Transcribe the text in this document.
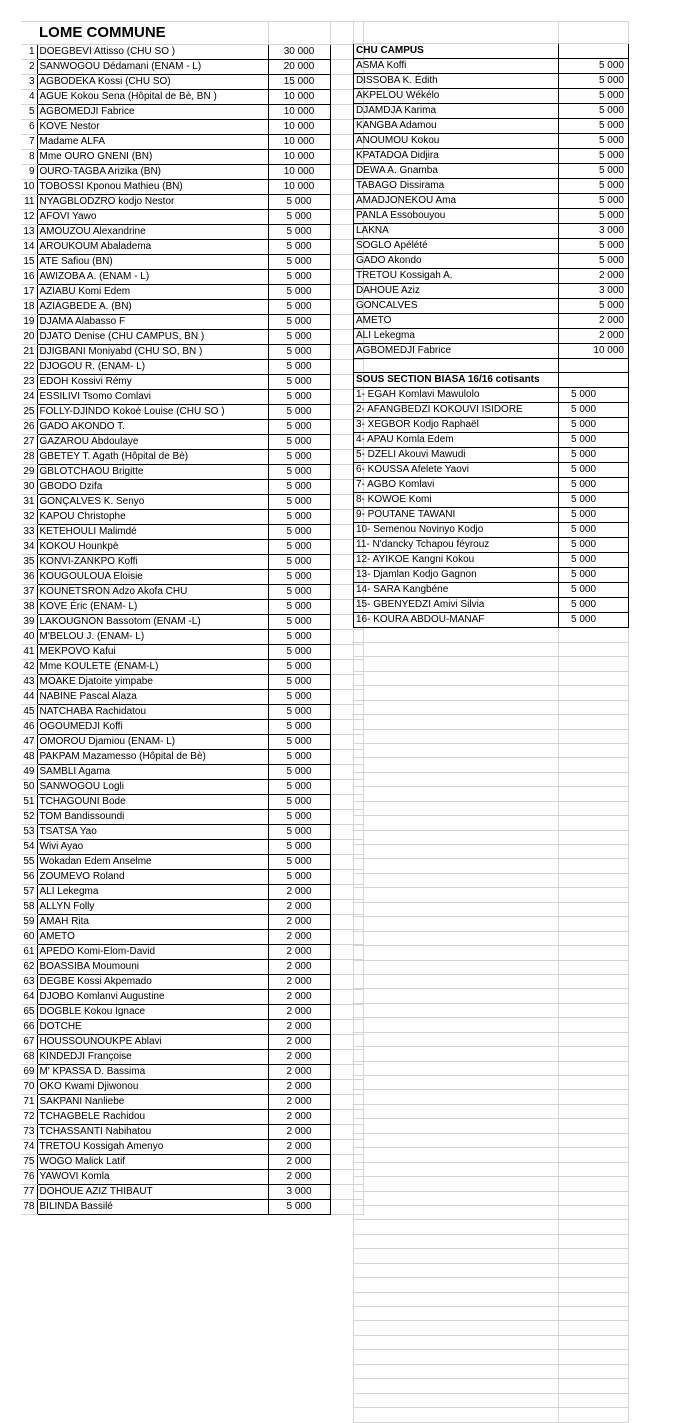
	LOME COMMUNE		
1	DOEGBEVI Attisso (CHU SO )	30 000	
2	SANWOGOU Dédamani (ENAM - L)	20 000	
3	AGBODEKA Kossi (CHU SO)	15 000	
4	AGUE Kokou Sena (Hôpital de Bè, BN )	10 000	
5	AGBOMEDJI Fabrice	10 000	
6	KOVE Nestor	10 000	
7	Madame ALFA	10 000	
8	Mme OURO GNENI (BN)	10 000	
9	OURO-TAGBA Arizika (BN)	10 000	
10	TOBOSSI Kponou Mathieu (BN)	10 000	
11	NYAGBLODZRO kodjo Nestor	5 000	
12	AFOVI Yawo	5 000	
13	AMOUZOU Alexandrine	5 000	
14	AROUKOUM Abalademа	5 000	
15	ATE Safiou (BN)	5 000	
16	AWIZOBA A. (ENAM - L)	5 000	
17	AZIABU Komi Edem	5 000	
18	AZIAGBEDE A. (BN)	5 000	
19	DJAMA Alabasso F	5 000	
20	DJATO Denise (CHU CAMPUS, BN )	5 000	
21	DJIGBANI Moniyabd (CHU SO, BN )	5 000	
22	DJOGOU R. (ENAM- L)	5 000	
23	EDOH Kossivi Rémy	5 000	
24	ESSILIVI Tsomo Comlavi	5 000	
25	FOLLY-DJINDO Kokoè Louise (CHU SO )	5 000	
26	GADO AKONDO T.	5 000	
27	GAZAROU Abdoulaye	5 000	
28	GBETEY T. Agath (Hôpital de Bè)	5 000	
29	GBLOTCHAOU Brigitte	5 000	
30	GBODO Dzifa	5 000	
31	GONÇALVES K. Senyo	5 000	
32	KAPOU Christophe	5 000	
33	KETEHOULI Malimdé	5 000	
34	KOKOU Hounkpè	5 000	
35	KONVI-ZANKPO Koffi	5 000	
36	KOUGOULOUA Eloisie	5 000	
37	KOUNETSRON Adzo Akofa CHU	5 000	
38	KOVE Éric (ENAM- L)	5 000	
39	LAKOUGNON Bassotom (ENAM -L)	5 000	
40	M'BELOU J. (ENAM- L)	5 000	
41	MEKPOVO Kafui	5 000	
42	Mme KOULETE (ENAM-L)	5 000	
43	MOAKE Djatoite yimpabe	5 000	
44	NABINE Pascal Alaza	5 000	
45	NATCHABA Rachidatou	5 000	
46	OGOUMEDJI Koffi	5 000	
47	OMOROU Djamiou (ENAM- L)	5 000	
48	PAKPAM Mazamesso (Hôpital de Bè)	5 000	
49	SAMBLI Agama	5 000	
50	SANWOGOU Logli	5 000	
51	TCHAGOUNI Bode	5 000	
52	TOM Bandissoundi	5 000	
53	TSATSA Yao	5 000	
54	Wivi Ayao	5 000	
55	Wokadan Edem Anselme	5 000	
56	ZOUMEVO Roland	5 000	
57	ALI Lekegma	2 000	
58	ALLYN Folly	2 000	
59	AMAH Rita	2 000	
60	AMETO	2 000	
61	APEDO Komi-Elom-David	2 000	
62	BOASSIBA Moumouni	2 000	
63	DEGBE Kossi Akpemado	2 000	
64	DJOBO Komlanvi Augustine	2 000	
65	DOGBLE Kokou Ignace	2 000	
66	DOTCHE	2 000	
67	HOUSSOUNOUKPE Ablavi	2 000	
68	KINDEDJI Françoise	2 000	
69	M' KPASSA D. Bassima	2 000	
70	OKO Kwami Djiwonou	2 000	
71	SAKPANI Nanliebe	2 000	
72	TCHAGBELE Rachidou	2 000	
73	TCHASSANTI Nabihatou	2 000	
74	TRETOU Kossigah Amenyo	2 000	
75	WOGO Malick Latif	2 000	
76	YAWOVI Komla	2 000	
77	DOHOUE AZIZ THIBAUT	3 000	
78	BILINDA Bassilé	5 000	

CHU CAMPUS	
ASMA Koffi	5 000
DISSOBA K. Édith	5 000
AKPELOU Wékélo	5 000
DJAMDJA Karima	5 000
KANGBA Adamou	5 000
ANOUMOU Kokou	5 000
KPATADOA Didjira	5 000
DEWA A. Gnamba	5 000
TABAGO Dissirama	5 000
AMADJONEKOU Ama	5 000
PANLA Essobouyou	5 000
LAKNA	3 000
SOGLO Apélété	5 000
GADO Akondo	5 000
TRETOU Kossigah A.	2 000
DAHOUE Aziz	3 000
GONCALVES	5 000
AMETO	2 000
ALI Lekegma	2 000
AGBOMEDJI Fabrice	10 000

SOUS SECTION BIASA 16/16 cotisants	
1- EGAH Komlavi Mawulolo	5 000
2- AFANGBEDZI KOKOUVI ISIDORE	5 000
3- XEGBOR Kodjo Raphaël	5 000
4- APAU Komla Edem	5 000
5- DZELI Akouvi Mawudi	5 000
6- KOUSSA Afelete Yaovi	5 000
7- AGBO Komlavi	5 000
8- KOWOE Komi	5 000
9- POUTANE TAWANI	5 000
10- Semenou Novinyo Kodjo	5 000
11- N'dancky Tchapou féyrouz	5 000
12- AYIKOE Kangni Kokou	5 000
13- Djamlan Kodjo Gagnon	5 000
14- SARA Kangbéne	5 000
15- GBENYEDZI Amivi Silvia	5 000
16- KOURA ABDOU-MANAF	5 000
